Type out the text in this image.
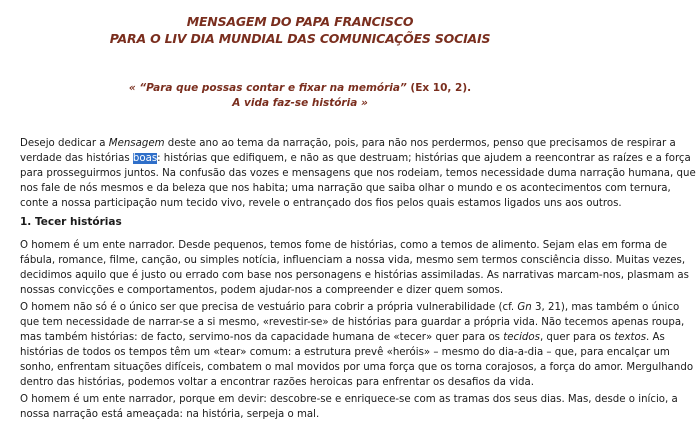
MENSAGEM DO PAPA FRANCISCO
PARA O LIV DIA MUNDIAL DAS COMUNICAÇÕES SOCIAIS
« “Para que possas contar e fixar na memória” (Ex 10, 2).
A vida faz-se história »
Desejo dedicar a Mensagem deste ano ao tema da narração, pois, para não nos perdermos, penso que precisamos de respirar a
verdade das histórias boas: histórias que edifiquem, e não as que destruam; histórias que ajudem a reencontrar as raízes e a força
para prosseguirmos juntos. Na confusão das vozes e mensagens que nos rodeiam, temos necessidade duma narração humana, que
nos fale de nós mesmos e da beleza que nos habita; uma narração que saiba olhar o mundo e os acontecimentos com ternura,
conte a nossa participação num tecido vivo, revele o entrançado dos fios pelos quais estamos ligados uns aos outros.
1. Tecer histórias
O homem é um ente narrador. Desde pequenos, temos fome de histórias, como a temos de alimento. Sejam elas em forma de
fábula, romance, filme, canção, ou simples notícia, influenciam a nossa vida, mesmo sem termos consciência disso. Muitas vezes,
decidimos aquilo que é justo ou errado com base nos personagens e histórias assimiladas. As narrativas marcam-nos, plasmam as
nossas convicções e comportamentos, podem ajudar-nos a compreender e dizer quem somos.
O homem não só é o único ser que precisa de vestuário para cobrir a própria vulnerabilidade (cf. Gn 3, 21), mas também o único
que tem necessidade de narrar-se a si mesmo, «revestir-se» de histórias para guardar a própria vida. Não tecemos apenas roupa,
mas também histórias: de facto, servimo-nos da capacidade humana de «tecer» quer para os tecidos, quer para os textos. As
histórias de todos os tempos têm um «tear» comum: a estrutura prevê «heróis» – mesmo do dia-a-dia – que, para encalçar um
sonho, enfrentam situações difíceis, combatem o mal movidos por uma força que os torna corajosos, a força do amor. Mergulhando
dentro das histórias, podemos voltar a encontrar razões heroicas para enfrentar os desafios da vida.
O homem é um ente narrador, porque em devir: descobre-se e enriquece-se com as tramas dos seus dias. Mas, desde o início, a
nossa narração está ameaçada: na história, serpeja o mal.
